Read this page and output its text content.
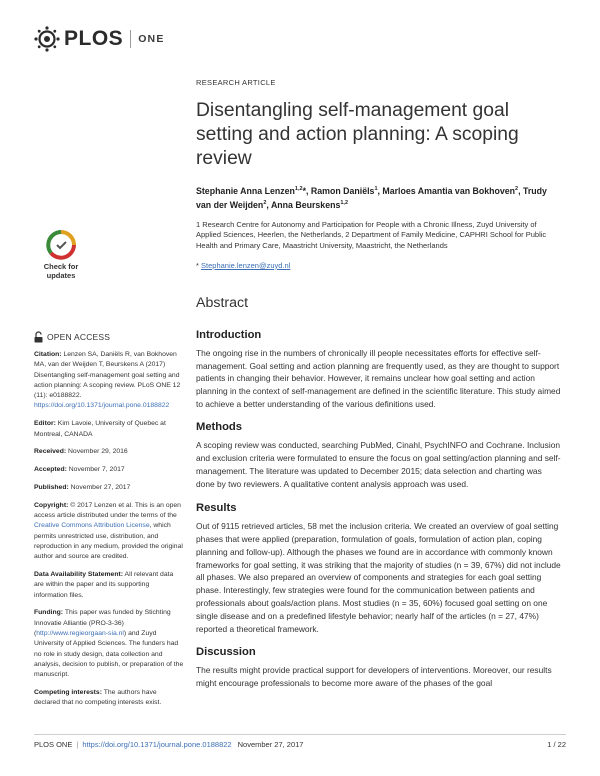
PLOS ONE
Check for updates
OPEN ACCESS
Citation: Lenzen SA, Daniëls R, van Bokhoven MA, van der Weijden T, Beurskens A (2017) Disentangling self-management goal setting and action planning: A scoping review. PLoS ONE 12 (11): e0188822. https://doi.org/10.1371/journal.pone.0188822
Editor: Kim Lavoie, University of Quebec at Montreal, CANADA
Received: November 29, 2016
Accepted: November 7, 2017
Published: November 27, 2017
Copyright: © 2017 Lenzen et al. This is an open access article distributed under the terms of the Creative Commons Attribution License, which permits unrestricted use, distribution, and reproduction in any medium, provided the original author and source are credited.
Data Availability Statement: All relevant data are within the paper and its supporting information files.
Funding: This paper was funded by Stichting Innovatie Alliantie (PRO-3-36) (http://www.regieorgaan-sia.nl) and Zuyd University of Applied Sciences. The funders had no role in study design, data collection and analysis, decision to publish, or preparation of the manuscript.
Competing interests: The authors have declared that no competing interests exist.
RESEARCH ARTICLE
Disentangling self-management goal setting and action planning: A scoping review
Stephanie Anna Lenzen$^{1,2}$*, Ramon Daniëls$^1$, Marloes Amantia van Bokhoven$^2$, Trudy van der Weijden$^2$, Anna Beurskens$^{1,2}$
1 Research Centre for Autonomy and Participation for People with a Chronic Illness, Zuyd University of Applied Sciences, Heerlen, the Netherlands, 2 Department of Family Medicine, CAPHRI School for Public Health and Primary Care, Maastricht University, Maastricht, the Netherlands
* Stephanie.lenzen@zuyd.nl
Abstract
Introduction

The ongoing rise in the numbers of chronically ill people necessitates efforts for effective self-management. Goal setting and action planning are frequently used, as they are thought to support patients in changing their behavior. However, it remains unclear how goal setting and action planning in the context of self-management are defined in the scientific literature. This study aimed to achieve a better understanding of the various definitions used.

Methods

A scoping review was conducted, searching PubMed, Cinahl, PsychINFO and Cochrane. Inclusion and exclusion criteria were formulated to ensure the focus on goal setting/action planning and self-management. The literature was updated to December 2015; data selection and charting was done by two reviewers. A qualitative content analysis approach was used.

Results

Out of 9115 retrieved articles, 58 met the inclusion criteria. We created an overview of goal setting phases that were applied (preparation, formulation of goals, formulation of action plan, coping planning and follow-up). Although the phases we found are in accordance with commonly known frameworks for goal setting, it was striking that the majority of studies (n = 39, 67%) did not include all phases. We also prepared an overview of components and strategies for each goal setting phase. Interestingly, few strategies were found for the communication between patients and professionals about goals/action plans. Most studies (n = 35, 60%) focused goal setting on one single disease and on a predefined lifestyle behavior; nearly half of the articles (n = 27, 47%) reported a theoretical framework.

Discussion

The results might provide practical support for developers of interventions. Moreover, our results might encourage professionals to become more aware of the phases of the goal

PLOS ONE | https://doi.org/10.1371/journal.pone.0188822 November 27, 2017	1 / 22
